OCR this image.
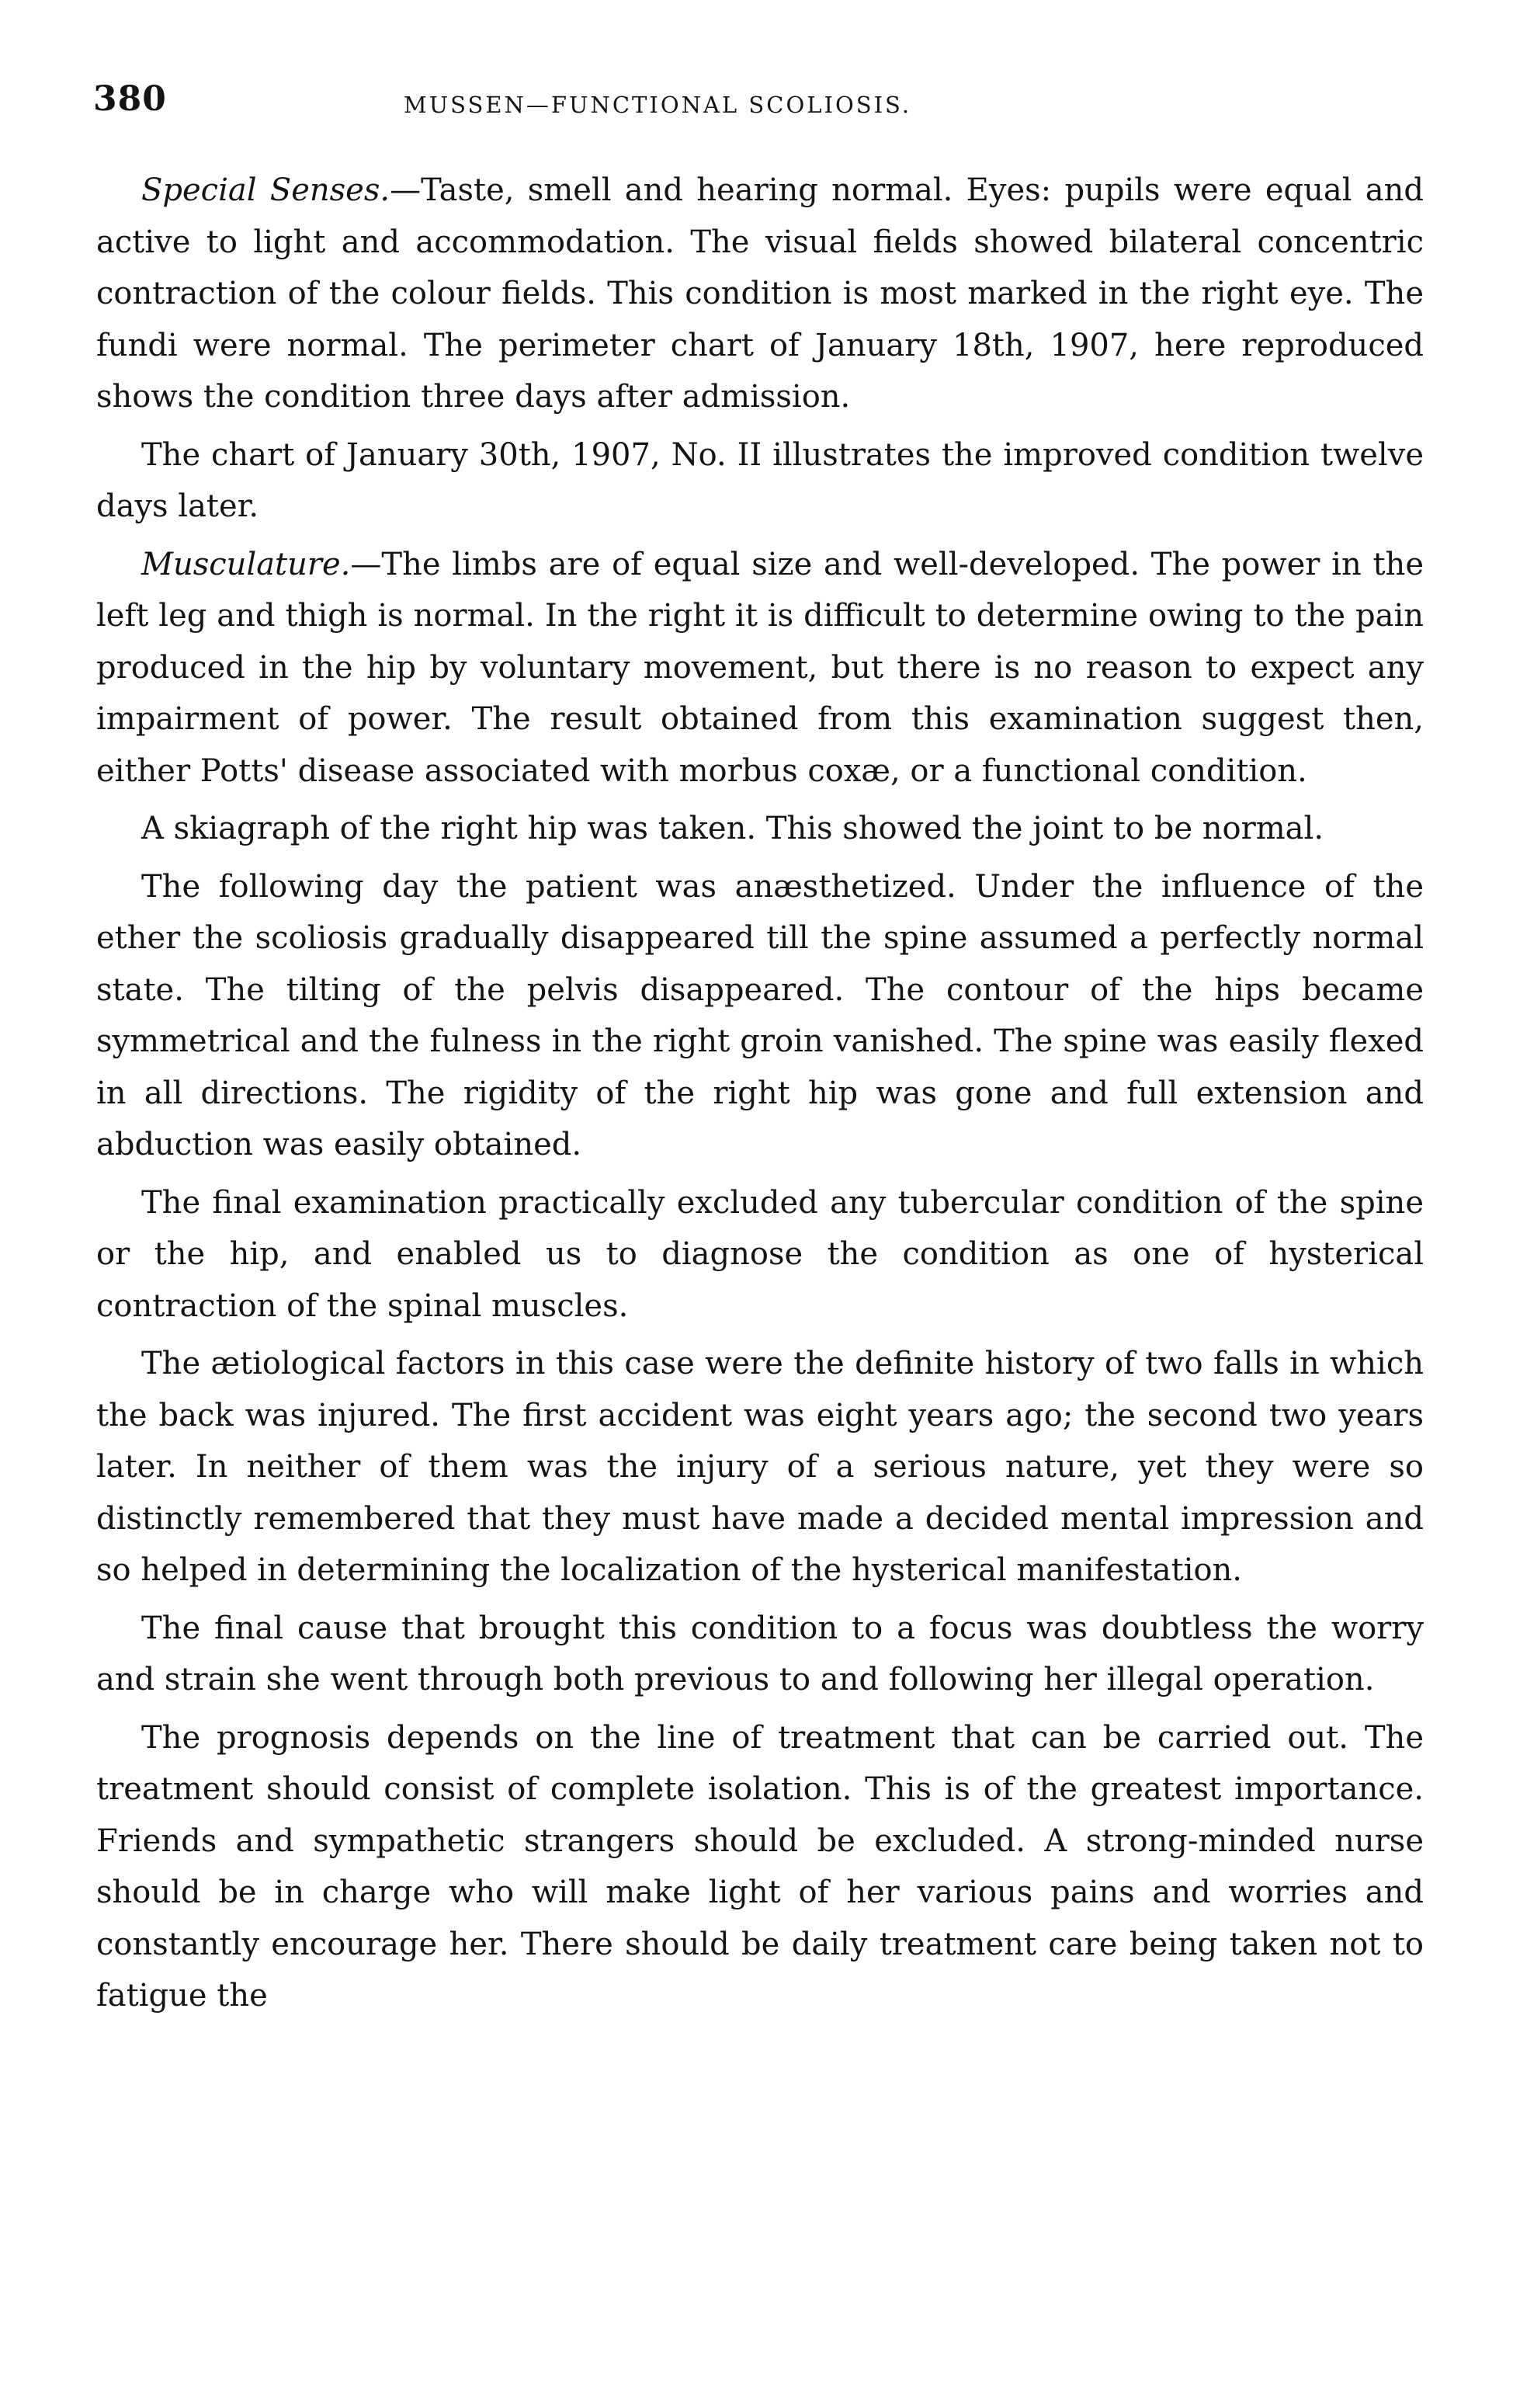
380	MUSSEN—FUNCTIONAL SCOLIOSIS.

Special Senses.—Taste, smell and hearing normal. Eyes: pupils were equal and active to light and accommodation. The visual fields showed bilateral concentric contraction of the colour fields. This condition is most marked in the right eye. The fundi were normal. The perimeter chart of January 18th, 1907, here reproduced shows the condition three days after admission.

The chart of January 30th, 1907, No. II illustrates the improved condition twelve days later.

Musculature.—The limbs are of equal size and well-developed. The power in the left leg and thigh is normal. In the right it is difficult to determine owing to the pain produced in the hip by voluntary movement, but there is no reason to expect any impairment of power. The result obtained from this examination suggest then, either Potts' disease associated with morbus coxæ, or a functional condition.

A skiagraph of the right hip was taken. This showed the joint to be normal.

The following day the patient was anæsthetized. Under the influence of the ether the scoliosis gradually disappeared till the spine assumed a perfectly normal state. The tilting of the pelvis disappeared. The contour of the hips became symmetrical and the fulness in the right groin vanished. The spine was easily flexed in all directions. The rigidity of the right hip was gone and full extension and abduction was easily obtained.

The final examination practically excluded any tubercular condition of the spine or the hip, and enabled us to diagnose the condition as one of hysterical contraction of the spinal muscles.

The ætiological factors in this case were the definite history of two falls in which the back was injured. The first accident was eight years ago; the second two years later. In neither of them was the injury of a serious nature, yet they were so distinctly remembered that they must have made a decided mental impression and so helped in determining the localization of the hysterical manifestation.

The final cause that brought this condition to a focus was doubtless the worry and strain she went through both previous to and following her illegal operation.

The prognosis depends on the line of treatment that can be carried out. The treatment should consist of complete isolation. This is of the greatest importance. Friends and sympathetic strangers should be excluded. A strong-minded nurse should be in charge who will make light of her various pains and worries and constantly encourage her. There should be daily treatment care being taken not to fatigue the
